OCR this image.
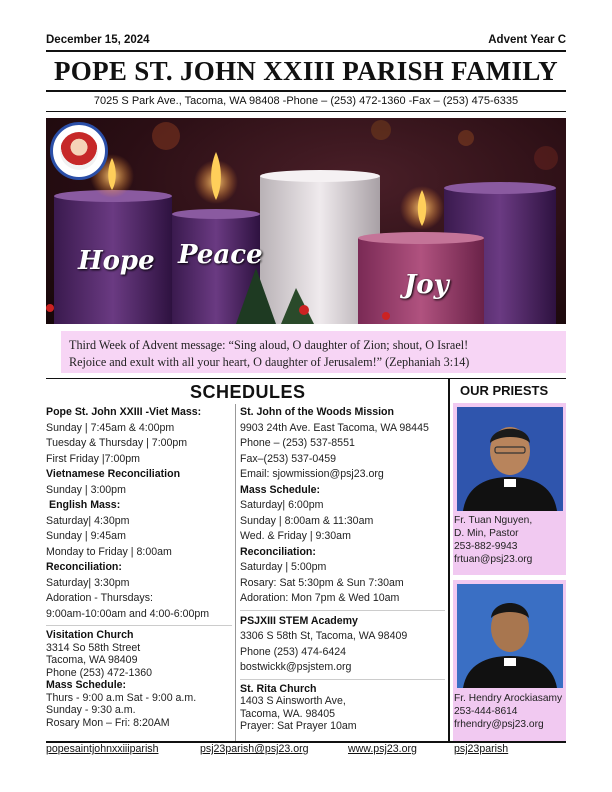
December 15, 2024	Advent Year C
POPE ST. JOHN XXIII PARISH FAMILY
7025 S Park Ave., Tacoma, WA 98408 -Phone – (253) 472-1360 -Fax – (253) 475-6335
Hope Peace
Joy
Third Week of Advent message: “Sing aloud, O daughter of Zion; shout, O Israel!
Rejoice and exult with all your heart, O daughter of Jerusalem!” (Zephaniah 3:14)
SCHEDULES	OUR PRIESTS
Pope St. John XXIII -Viet Mass:
Sunday | 7:45am & 4:00pm
Tuesday & Thursday | 7:00pm
First Friday |7:00pm
Vietnamese Reconciliation
Sunday | 3:00pm
English Mass:
Saturday| 4:30pm
Sunday | 9:45am
Monday to Friday | 8:00am
Reconciliation:
Saturday| 3:30pm
Adoration - Thursdays:
9:00am-10:00am and 4:00-6:00pm
Visitation Church
3314 So 58th Street
Tacoma, WA 98409
Phone (253) 472-1360
Mass Schedule:
Thurs - 9:00 a.m Sat - 9:00 a.m.
Sunday - 9:30 a.m.
Rosary Mon – Fri: 8:20AM
St. John of the Woods Mission
9903 24th Ave. East Tacoma, WA 98445
Phone – (253) 537-8551
Fax–(253) 537-0459
Email: sjowmission@psj23.org
Mass Schedule:
Saturday| 6:00pm
Sunday | 8:00am & 11:30am
Wed. & Friday | 9:30am
Reconciliation:
Saturday | 5:00pm
Rosary: Sat 5:30pm & Sun 7:30am
Adoration: Mon 7pm & Wed 10am
PSJXIII STEM Academy
3306 S 58th St, Tacoma, WA 98409
Phone (253) 474-6424
bostwickk@psjstem.org
St. Rita Church
1403 S Ainsworth Ave,
Tacoma, WA. 98405
Prayer: Sat Prayer 10am
Fr. Tuan Nguyen,
D. Min, Pastor
253-882-9943
frtuan@psj23.org
Fr. Hendry Arockiasamy
253-444-8614
frhendry@psj23.org
popesaintjohnxxiiiparish	psj23parish@psj23.org	www.psj23.org	psj23parish
